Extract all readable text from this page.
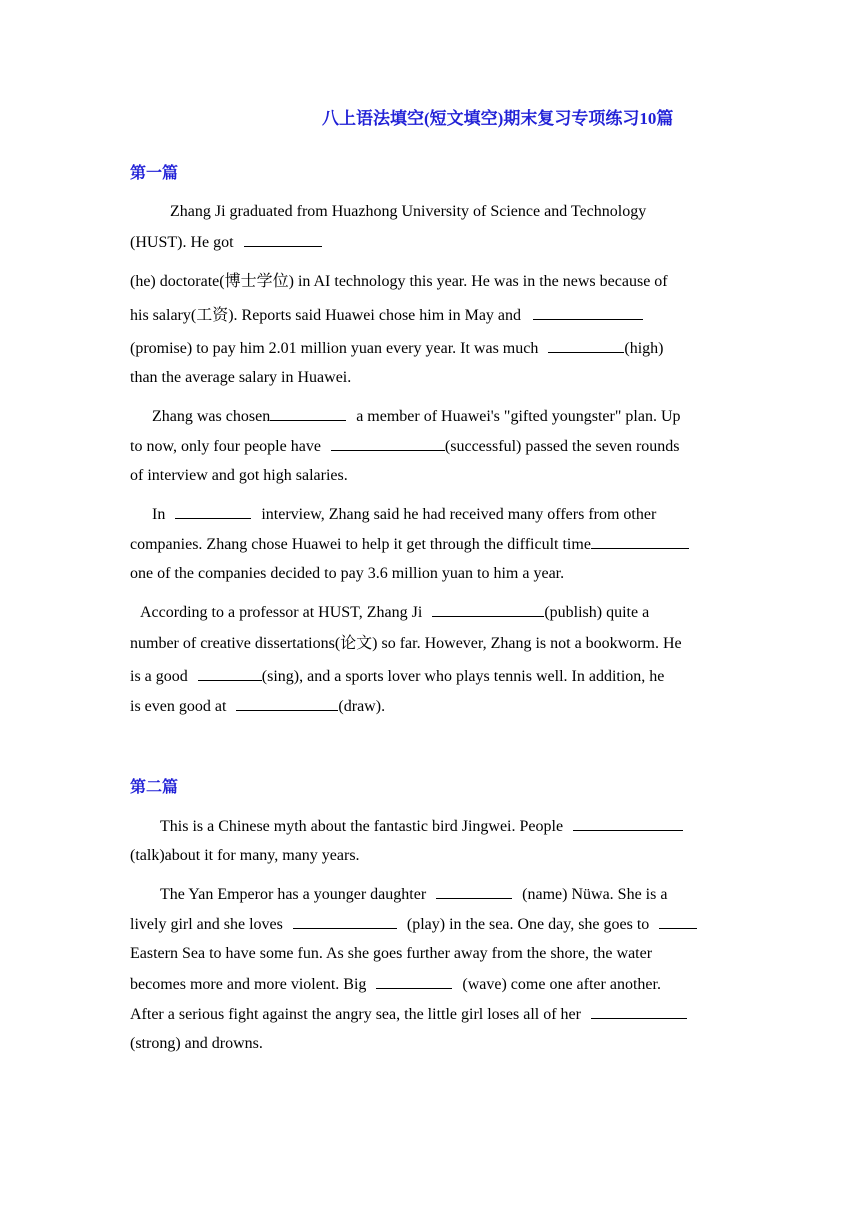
八上语法填空(短文填空)期末复习专项练习10篇
第一篇
Zhang Ji graduated from Huazhong University of Science and Technology
(HUST). He got
(he) doctorate(博士学位) in AI technology this year. He was in the news because of
his salary(工资). Reports said Huawei chose him in May and
(promise) to pay him 2.01 million yuan every year. It was much	(high)
than the average salary in Huawei.
Zhang was chosen	a member of Huawei's "gifted youngster" plan. Up
to now, only four people have	(successful) passed the seven rounds
of interview and got high salaries.
In	interview, Zhang said he had received many offers from other
companies. Zhang chose Huawei to help it get through the difficult time
one of the companies decided to pay 3.6 million yuan to him a year.
According to a professor at HUST, Zhang Ji	(publish) quite a
number of creative dissertations(论文) so far. However, Zhang is not a bookworm. He
is a good	(sing), and a sports lover who plays tennis well. In addition, he
is even good at	(draw).
第二篇
This is a Chinese myth about the fantastic bird Jingwei. People
(talk)about it for many, many years.
The Yan Emperor has a younger daughter	(name) Nüwa. She is a
lively girl and she loves	(play) in the sea. One day, she goes to
Eastern Sea to have some fun. As she goes further away from the shore, the water
becomes more and more violent. Big	(wave) come one after another.
After a serious fight against the angry sea, the little girl loses all of her
(strong) and drowns.
